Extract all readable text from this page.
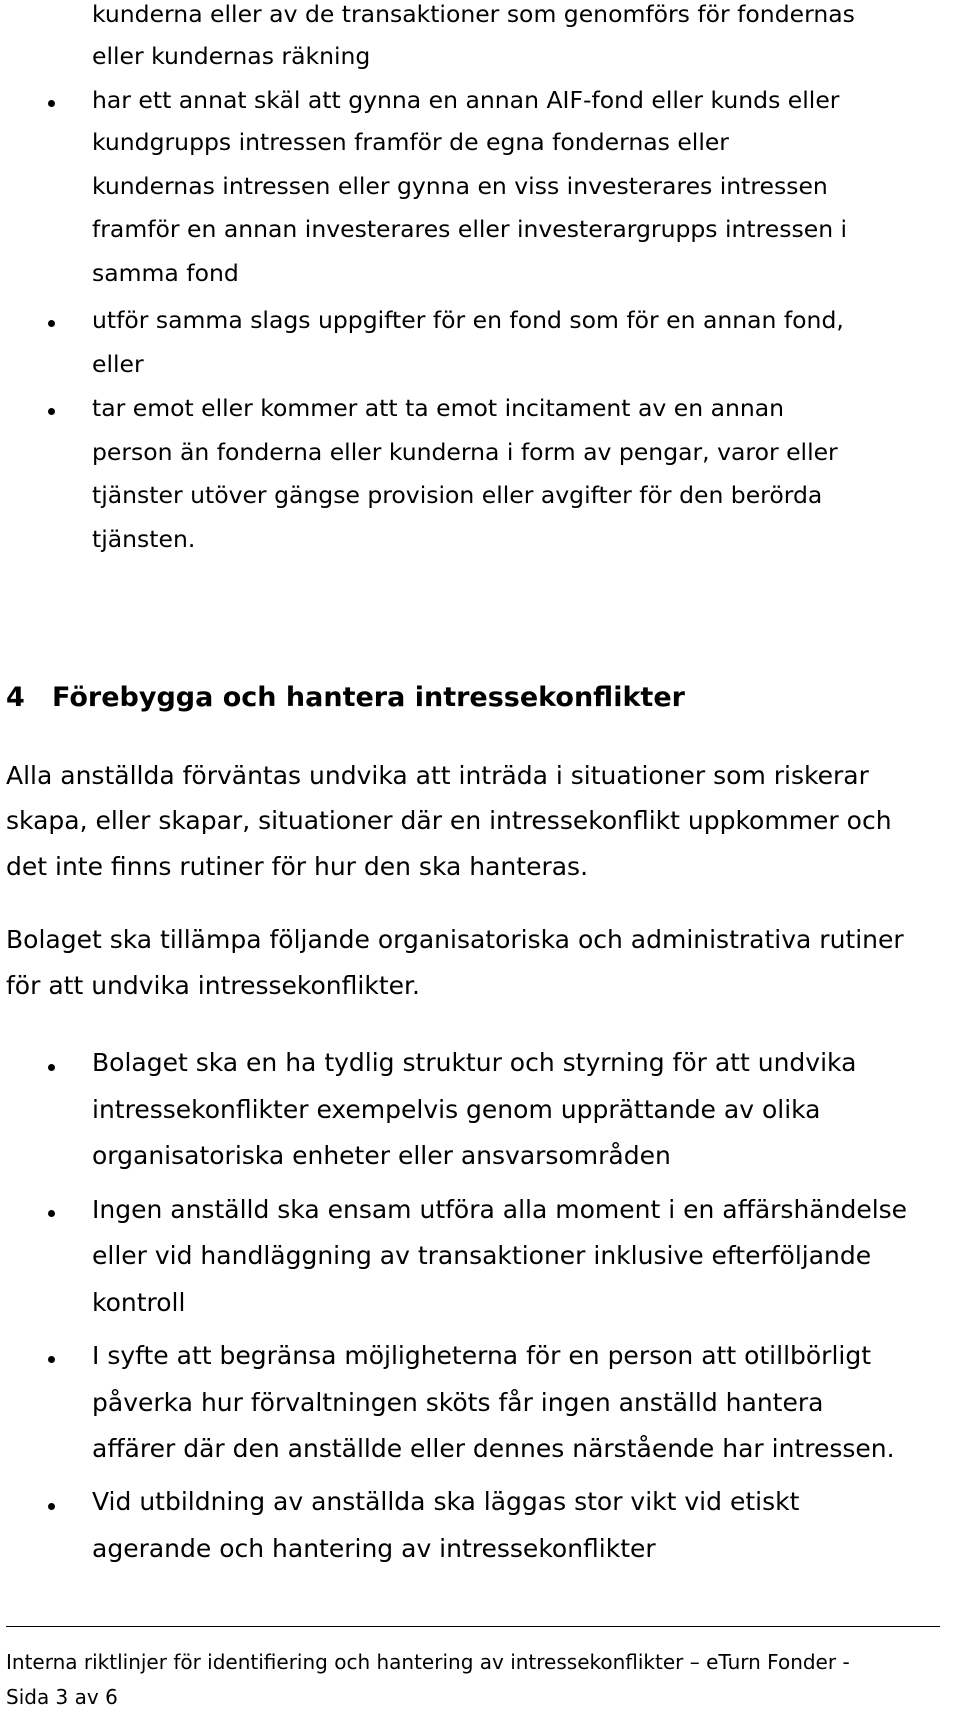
kunderna eller av de transaktioner som genomförs för fondernas
eller kundernas räkning
har ett annat skäl att gynna en annan AIF-fond eller kunds eller
kundgrupps intressen framför de egna fondernas eller
kundernas intressen eller gynna en viss investerares intressen
framför en annan investerares eller investerargrupps intressen i
samma fond
utför samma slags uppgifter för en fond som för en annan fond,
eller
tar emot eller kommer att ta emot incitament av en annan
person än fonderna eller kunderna i form av pengar, varor eller
tjänster utöver gängse provision eller avgifter för den berörda
tjänsten.
4 Förebygga och hantera intressekonflikter
Alla anställda förväntas undvika att inträda i situationer som riskerar
skapa, eller skapar, situationer där en intressekonflikt uppkommer och
det inte finns rutiner för hur den ska hanteras.
Bolaget ska tillämpa följande organisatoriska och administrativa rutiner
för att undvika intressekonflikter.
Bolaget ska en ha tydlig struktur och styrning för att undvika
intressekonflikter exempelvis genom upprättande av olika
organisatoriska enheter eller ansvarsområden
Ingen anställd ska ensam utföra alla moment i en affärshändelse
eller vid handläggning av transaktioner inklusive efterföljande
kontroll
I syfte att begränsa möjligheterna för en person att otillbörligt
påverka hur förvaltningen sköts får ingen anställd hantera
affärer där den anställde eller dennes närstående har intressen.
Vid utbildning av anställda ska läggas stor vikt vid etiskt
agerande och hantering av intressekonflikter
Interna riktlinjer för identifiering och hantering av intressekonflikter – eTurn Fonder -
Sida 3 av 6
